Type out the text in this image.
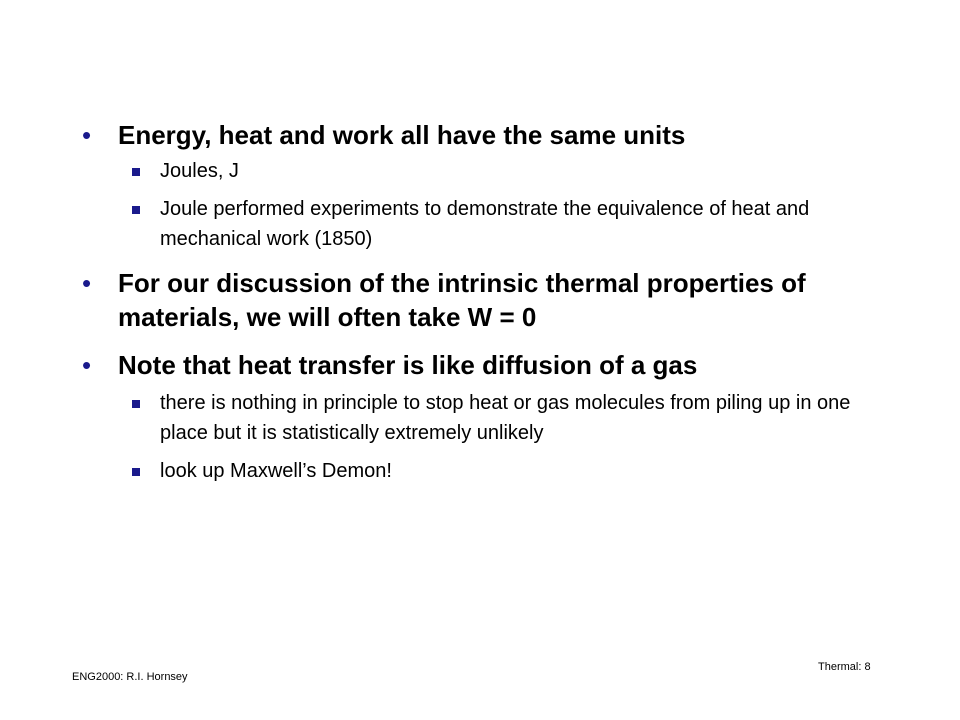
•	Energy, heat and work all have the same units

Joules, J

Joule performed experiments to demonstrate the equivalence of heat and mechanical work (1850)

•	For our discussion of the intrinsic thermal properties of materials, we will often take W = 0

•	Note that heat transfer is like diffusion of a gas

there is nothing in principle to stop heat or gas molecules from piling up in one place but it is statistically extremely unlikely

look up Maxwell’s Demon!

ENG2000: R.I. Hornsey
Thermal: 8
